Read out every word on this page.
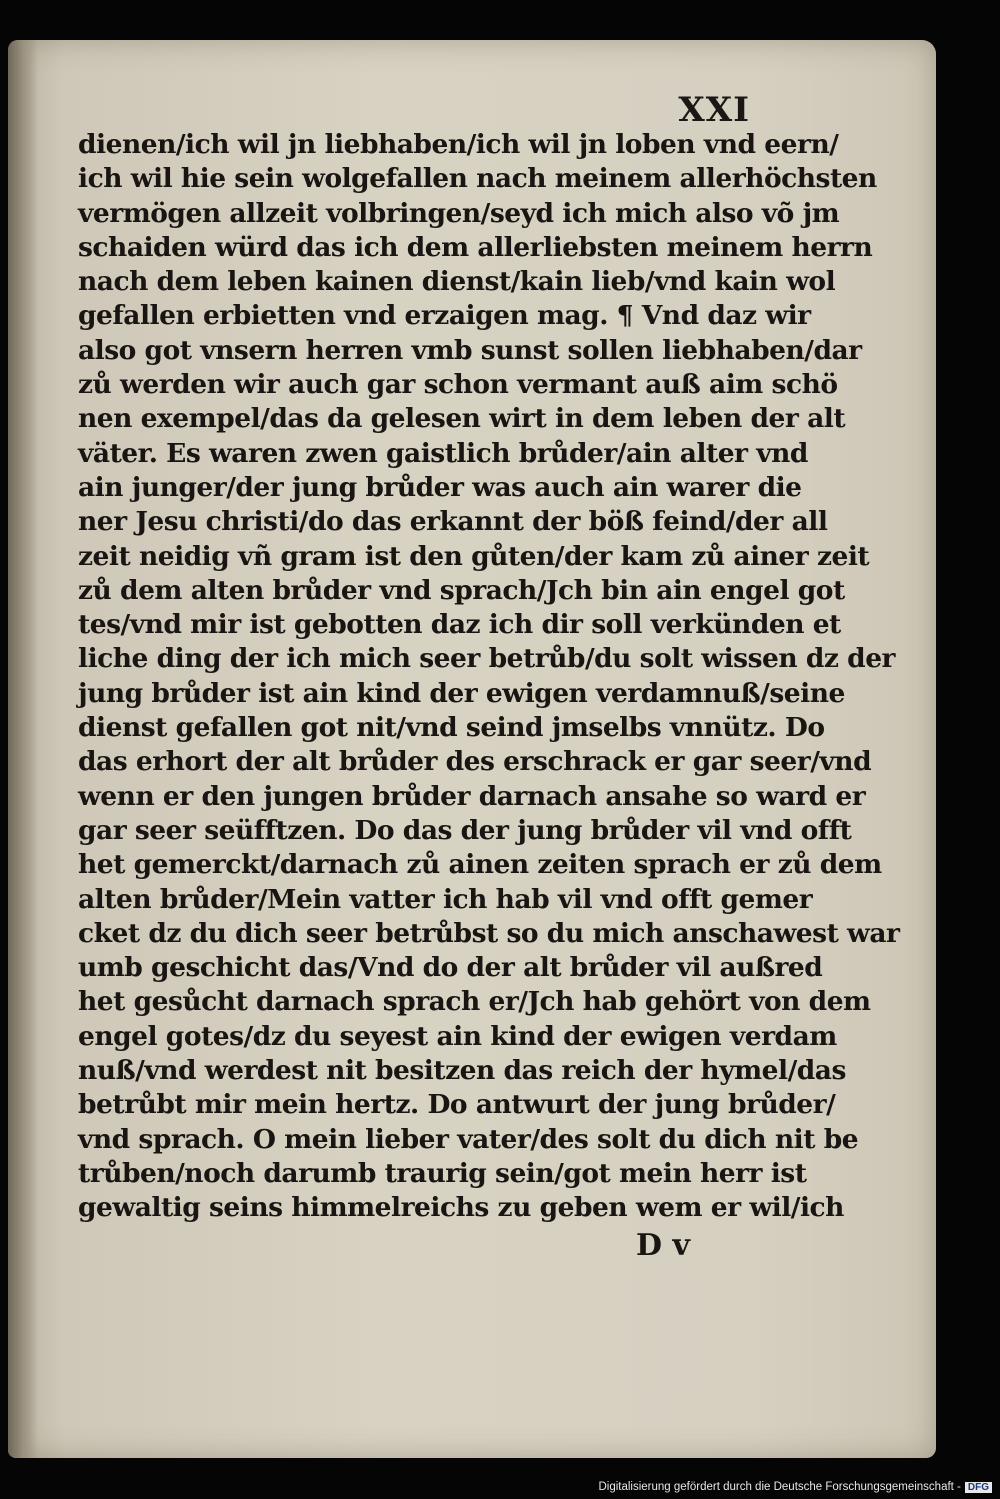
XXI
dienen/ich wil jn liebhaben/ich wil jn loben vnd eern/
ich wil hie sein wolgefallen nach meinem allerhöchsten
vermögen allzeit volbringen/seyd ich mich also võ jm
schaiden würd das ich dem allerliebsten meinem herrn
nach dem leben kainen dienst/kain lieb/vnd kain wol
gefallen erbietten vnd erzaigen mag. ¶ Vnd daz wir
also got vnsern herren vmb sunst sollen liebhaben/dar
zů werden wir auch gar schon vermant auß aim schö
nen exempel/das da gelesen wirt in dem leben der alt
väter. Es waren zwen gaistlich brůder/ain alter vnd
ain junger/der jung brůder was auch ain warer die
ner Jesu christi/do das erkannt der böß feind/der all
zeit neidig vñ gram ist den gůten/der kam zů ainer zeit
zů dem alten brůder vnd sprach/Jch bin ain engel got
tes/vnd mir ist gebotten daz ich dir soll verkünden et
liche ding der ich mich seer betrůb/du solt wissen dz der
jung brůder ist ain kind der ewigen verdamnuß/seine
dienst gefallen got nit/vnd seind jmselbs vnnütz. Do
das erhort der alt brůder des erschrack er gar seer/vnd
wenn er den jungen brůder darnach ansahe so ward er
gar seer seüfftzen. Do das der jung brůder vil vnd offt
het gemerckt/darnach zů ainen zeiten sprach er zů dem
alten brůder/Mein vatter ich hab vil vnd offt gemer
cket dz du dich seer betrůbst so du mich anschawest war
umb geschicht das/Vnd do der alt brůder vil außred
het gesůcht darnach sprach er/Jch hab gehört von dem
engel gotes/dz du seyest ain kind der ewigen verdam
nuß/vnd werdest nit besitzen das reich der hymel/das
betrůbt mir mein hertz. Do antwurt der jung brůder/
vnd sprach. O mein lieber vater/des solt du dich nit be
trůben/noch darumb traurig sein/got mein herr ist
gewaltig seins himmelreichs zu geben wem er wil/ich
D v
Digitalisierung gefördert durch die Deutsche Forschungsgemeinschaft - DFG
